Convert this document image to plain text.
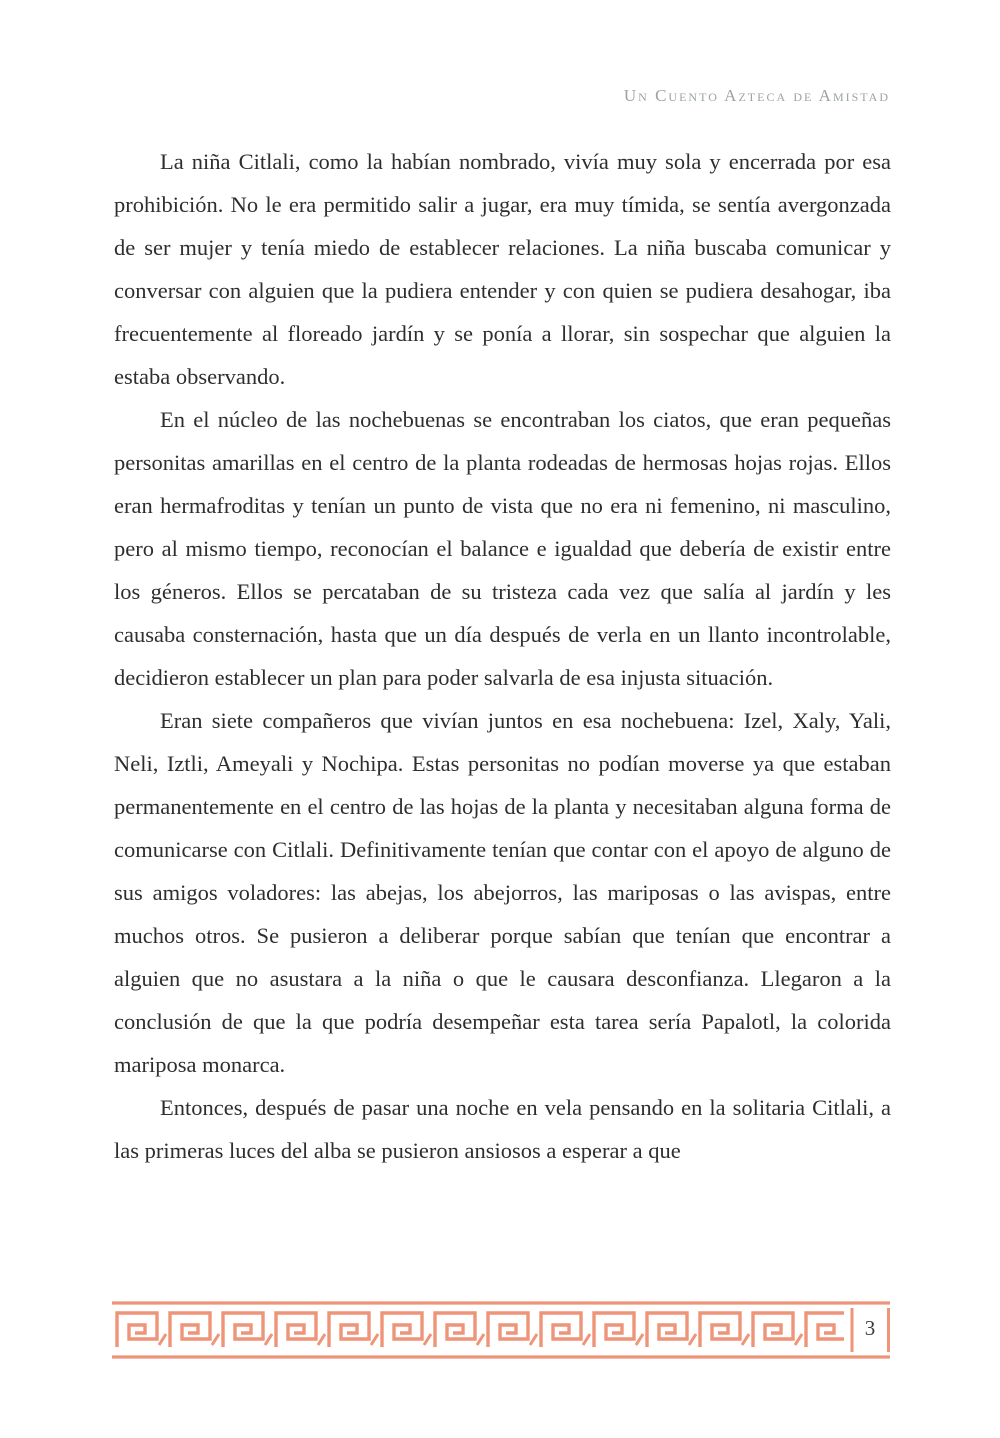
Un Cuento Azteca de Amistad

La niña Citlali, como la habían nombrado, vivía muy sola y encerrada por esa prohibición. No le era permitido salir a jugar, era muy tímida, se sentía avergonzada de ser mujer y tenía miedo de establecer relaciones. La niña buscaba comunicar y conversar con alguien que la pudiera entender y con quien se pudiera desahogar, iba frecuentemente al floreado jardín y se ponía a llorar, sin sospechar que alguien la estaba observando.

En el núcleo de las nochebuenas se encontraban los ciatos, que eran pequeñas personitas amarillas en el centro de la planta rodeadas de hermosas hojas rojas. Ellos eran hermafroditas y tenían un punto de vista que no era ni femenino, ni masculino, pero al mismo tiempo, reconocían el balance e igualdad que debería de existir entre los géneros. Ellos se percataban de su tristeza cada vez que salía al jardín y les causaba consternación, hasta que un día después de verla en un llanto incontrolable, decidieron establecer un plan para poder salvarla de esa injusta situación.

Eran siete compañeros que vivían juntos en esa nochebuena: Izel, Xaly, Yali, Neli, Iztli, Ameyali y Nochipa. Estas personitas no podían moverse ya que estaban permanentemente en el centro de las hojas de la planta y necesitaban alguna forma de comunicarse con Citlali. Definitivamente tenían que contar con el apoyo de alguno de sus amigos voladores: las abejas, los abejorros, las mariposas o las avispas, entre muchos otros. Se pusieron a deliberar porque sabían que tenían que encontrar a alguien que no asustara a la niña o que le causara desconfianza. Llegaron a la conclusión de que la que podría desempeñar esta tarea sería Papalotl, la colorida mariposa monarca.

Entonces, después de pasar una noche en vela pensando en la solitaria Citlali, a las primeras luces del alba se pusieron ansiosos a esperar a que

3
